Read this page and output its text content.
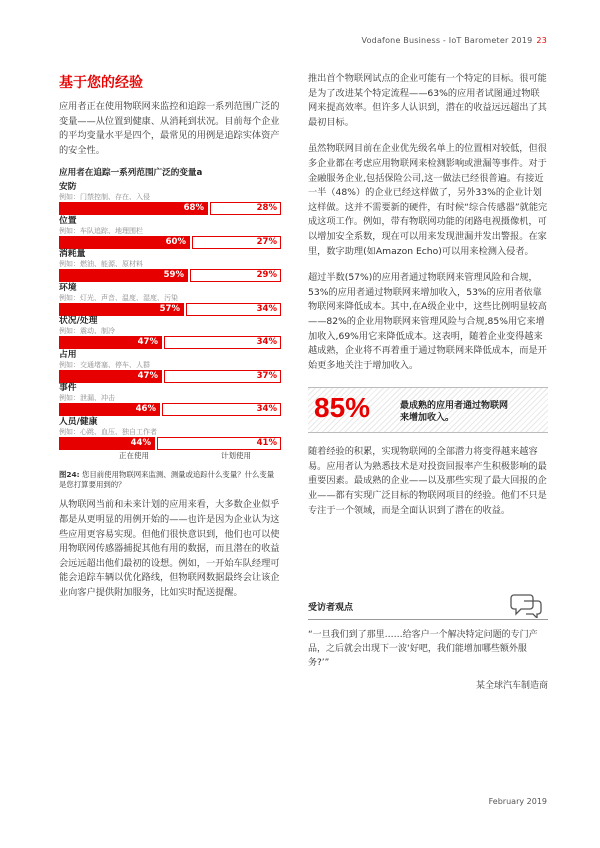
Vodafone Business - IoT Barometer 2019 23
基于您的经验

应用者正在使用物联网来监控和追踪一系列范围广泛的变量——从位置到健康、从消耗到状况。目前每个企业的平均变量水平是四个，最常见的用例是追踪实体资产的安全性。

应用者在追踪一系列范围广泛的变量a
安防
例如：门禁控制、存在、入侵
68%	28%
位置
例如：车队追踪、地理围栏
60%	27%
消耗量
例如：燃油、能源、原材料
59%	29%
环境
例如：灯光、声音、温度、湿度、污染
57%	34%
状况/处理
例如：震动、制冷
47%	34%
占用
例如：交通堵塞、停车、人群
47%	37%
事件
例如：泄漏、冲击
46%	34%
人员/健康
例如：心跳、血压、独自工作者
44%	41%
正在使用	计划使用
图24: 您目前使用物联网来监测、测量或追踪什么变量？什么变量是您打算要用到的？

从物联网当前和未来计划的应用来看，大多数企业似乎都是从更明显的用例开始的——也许是因为企业认为这些应用更容易实现。但他们很快意识到，他们也可以使用物联网传感器捕捉其他有用的数据，而且潜在的收益会远远超出他们最初的设想。例如，一开始车队经理可能会追踪车辆以优化路线，但物联网数据最终会让该企业向客户提供附加服务，比如实时配送提醒。

推出首个物联网试点的企业可能有一个特定的目标。很可能是为了改进某个特定流程——63%的应用者试图通过物联网来提高效率。但许多人认识到，潜在的收益远远超出了其最初目标。

虽然物联网目前在企业优先级名单上的位置相对较低，但很多企业都在考虑应用物联网来检测影响或泄漏等事件。对于金融服务企业,包括保险公司,这一做法已经很普遍。有接近一半（48%）的企业已经这样做了，另外33%的企业计划这样做。这并不需要新的硬件，有时候“综合传感器”就能完成这项工作。例如，带有物联网功能的闭路电视摄像机，可以增加安全系数，现在可以用来发现泄漏并发出警报。在家里，数字助理(如Amazon Echo)可以用来检测入侵者。

超过半数(57%)的应用者通过物联网来管理风险和合规，53%的应用者通过物联网来增加收入，53%的应用者依靠物联网来降低成本。其中,在A级企业中，这些比例明显较高——82%的企业用物联网来管理风险与合规,85%用它来增加收入,69%用它来降低成本。这表明，随着企业变得越来越成熟，企业将不再着重于通过物联网来降低成本，而是开始更多地关注于增加收入。

85%	最成熟的应用者通过物联网来增加收入。

随着经验的积累，实现物联网的全部潜力将变得越来越容易。应用者认为熟悉技术是对投资回报率产生积极影响的最重要因素。最成熟的企业——以及那些实现了最大回报的企业——都有实现广泛目标的物联网项目的经验。他们不只是专注于一个领域，而是全面认识到了潜在的收益。

受访者观点
“一旦我们到了那里……给客户一个解决特定问题的专门产品，之后就会出现下一波‘好吧，我们能增加哪些额外服务?’”
某全球汽车制造商
February 2019
